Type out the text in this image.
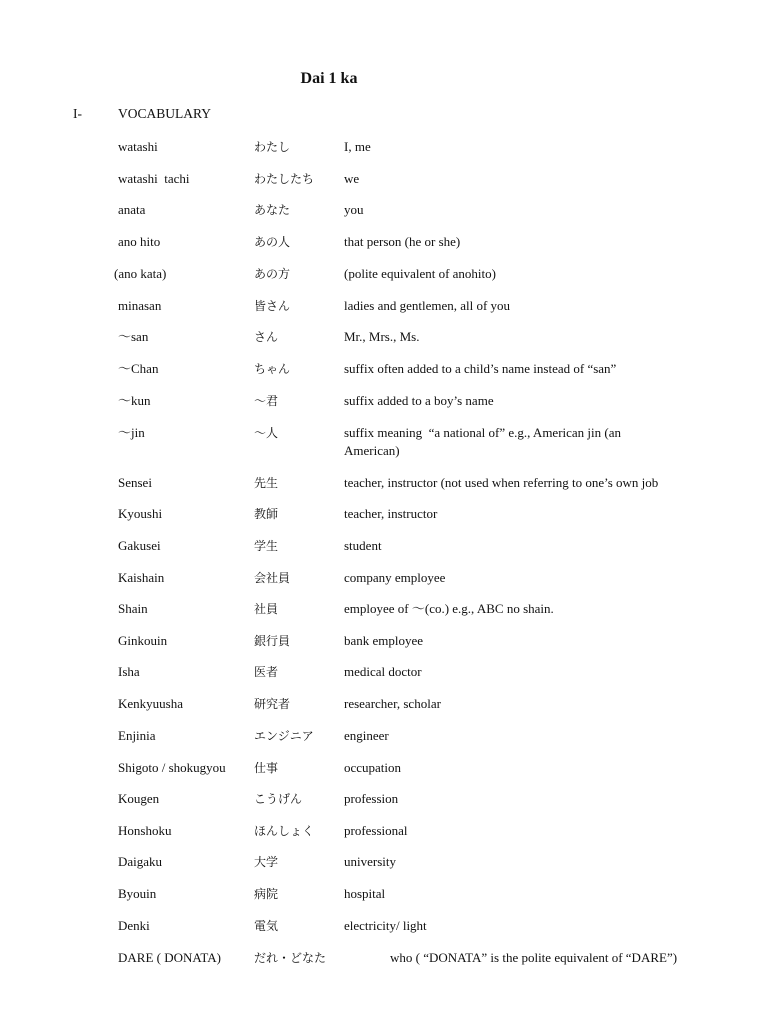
Dai 1 ka
I-	VOCABULARY
watashi	わたし	I, me
watashi  tachi	わたしたち we
anata	あなた	you
ano hito	あの人	that person (he or she)
(ano kata)	あの方	(polite equivalent of anohito)
minasan	皆さん	ladies and gentlemen, all of you
～san	さん	Mr., Mrs., Ms.
～Chan	ちゃん	suffix often added to a child’s name instead of “san”
～kun	～君	suffix added to a boy’s name
～jin	～人	suffix meaning  “a national of” e.g., American jin (an American)
Sensei	先生	teacher, instructor (not used when referring to one’s own job
Kyoushi	教師	teacher, instructor
Gakusei	学生	student
Kaishain	会社員	company employee
Shain	社員	employee of ～(co.) e.g., ABC no shain.
Ginkouin	銀行員	bank employee
Isha	医者	medical doctor
Kenkyuusha	研究者	researcher, scholar
Enjinia	エンジニア engineer
Shigoto / shokugyou 仕事	occupation
Kougen	こうげん	profession
Honshoku	ほんしょく professional
Daigaku	大学	university
Byouin	病院	hospital
Denki	電気	electricity/ light
DARE ( DONATA)	だれ・どなた	who ( “DONATA” is the polite equivalent of “DARE”)
